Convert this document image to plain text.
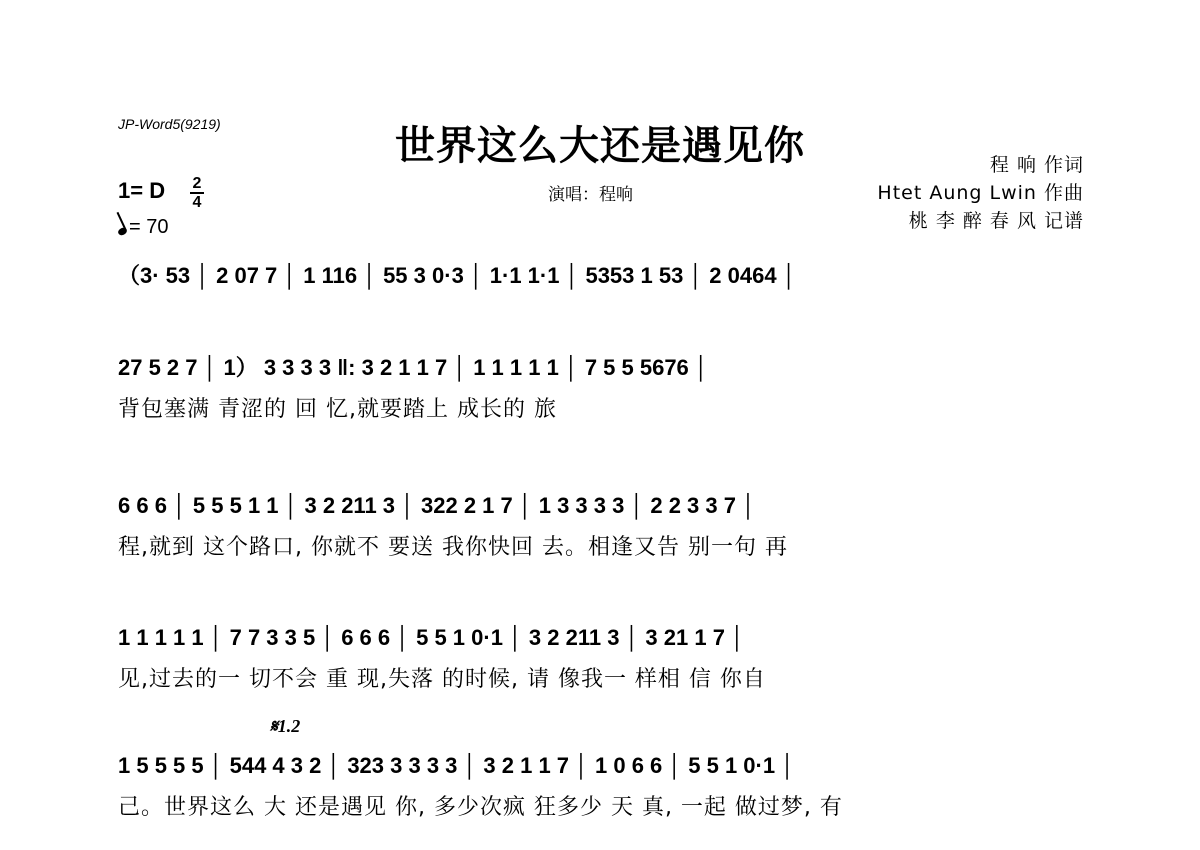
JP-Word5(9219)	世界这么大还是遇见你
演唱：程响
程 响 作词
Htet Aung Lwin 作曲
桃 李 醉 春 风 记谱
1= D 2
4
= 70
（3· 53 │ 2 07 7 │ 1 116 │ 55 3 0·3 │ 1·1 1·1 │ 5353 1 53 │ 2 0464 │
27 5 2 7 │ 1） 3 3 3 3 ‖: 3 2 1 1 7 │ 1 1 1 1 1 │ 7 5 5 5676 │
背包塞满 青涩的 回 忆,就要踏上 成长的 旅
6 6 6 │ 5 5 5 1 1 │ 3 2 211 3 │ 322 2 1 7 │ 1 3 3 3 3 │ 2 2 3 3 7 │
程,就到 这个路口, 你就不 要送 我你快回 去。相逢又告 别一句 再
1 1 1 1 1 │ 7 7 3 3 5 │ 6 6 6 │ 5 5 1 0·1 │ 3 2 211 3 │ 3 21 1 7 │
见,过去的一 切不会 重 现,失落 的时候, 请 像我一 样相 信 你自
𝄋1.2
1 5 5 5 5 │ 544 4 3 2 │ 323 3 3 3 3 │ 3 2 1 1 7 │ 1 0 6 6 │ 5 5 1 0·1 │
己。世界这么 大 还是遇见 你, 多少次疯 狂多少 天 真, 一起 做过梦, 有
